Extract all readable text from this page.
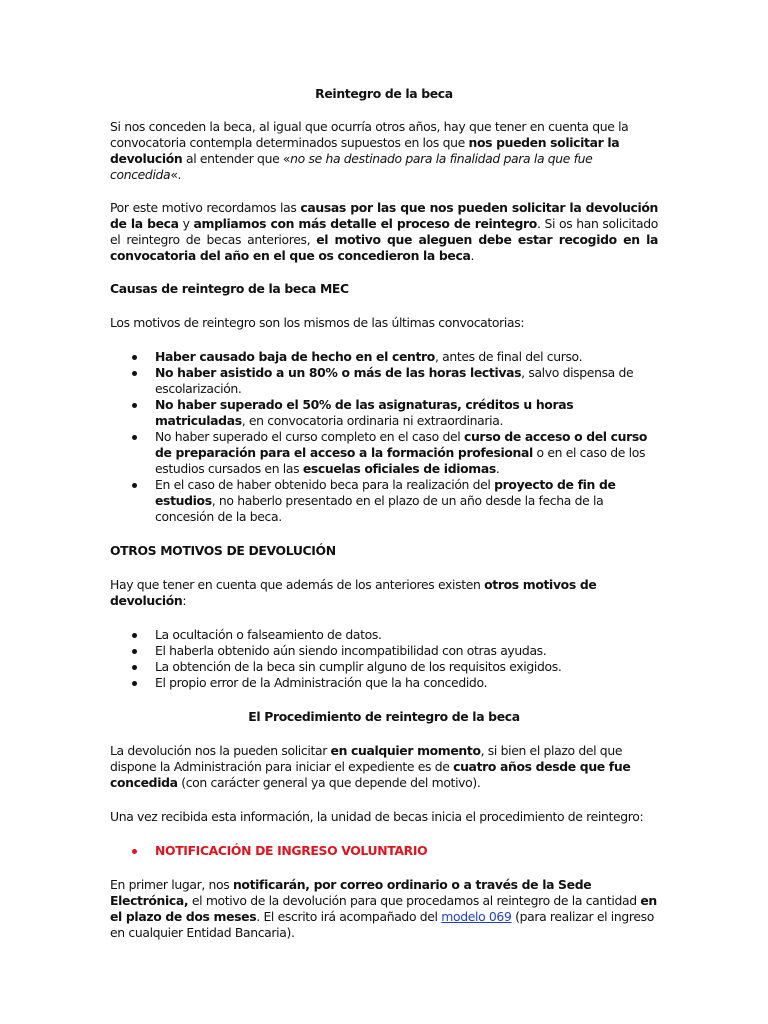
Reintegro de la beca

Si nos conceden la beca, al igual que ocurría otros años, hay que tener en cuenta que la convocatoria contempla determinados supuestos en los que nos pueden solicitar la devolución al entender que «no se ha destinado para la finalidad para la que fue concedida«.

Por este motivo recordamos las causas por las que nos pueden solicitar la devolución de la beca y ampliamos con más detalle el proceso de reintegro. Si os han solicitado el reintegro de becas anteriores, el motivo que aleguen debe estar recogido en la convocatoria del año en el que os concedieron la beca.

Causas de reintegro de la beca MEC

Los motivos de reintegro son los mismos de las últimas convocatorias:

Haber causado baja de hecho en el centro, antes de final del curso.
No haber asistido a un 80% o más de las horas lectivas, salvo dispensa de escolarización.
No haber superado el 50% de las asignaturas, créditos u horas matriculadas, en convocatoria ordinaria ni extraordinaria.
No haber superado el curso completo en el caso del curso de acceso o del curso de preparación para el acceso a la formación profesional o en el caso de los estudios cursados en las escuelas oficiales de idiomas.
En el caso de haber obtenido beca para la realización del proyecto de fin de estudios, no haberlo presentado en el plazo de un año desde la fecha de la concesión de la beca.

OTROS MOTIVOS DE DEVOLUCIÓN

Hay que tener en cuenta que además de los anteriores existen otros motivos de devolución:

La ocultación o falseamiento de datos.
El haberla obtenido aún siendo incompatibilidad con otras ayudas.
La obtención de la beca sin cumplir alguno de los requisitos exigidos.
El propio error de la Administración que la ha concedido.

El Procedimiento de reintegro de la beca

La devolución nos la pueden solicitar en cualquier momento, si bien el plazo del que dispone la Administración para iniciar el expediente es de cuatro años desde que fue concedida (con carácter general ya que depende del motivo).

Una vez recibida esta información, la unidad de becas inicia el procedimiento de reintegro:

NOTIFICACIÓN DE INGRESO VOLUNTARIO

En primer lugar, nos notificarán, por correo ordinario o a través de la Sede Electrónica, el motivo de la devolución para que procedamos al reintegro de la cantidad en el plazo de dos meses. El escrito irá acompañado del modelo 069 (para realizar el ingreso en cualquier Entidad Bancaria).
